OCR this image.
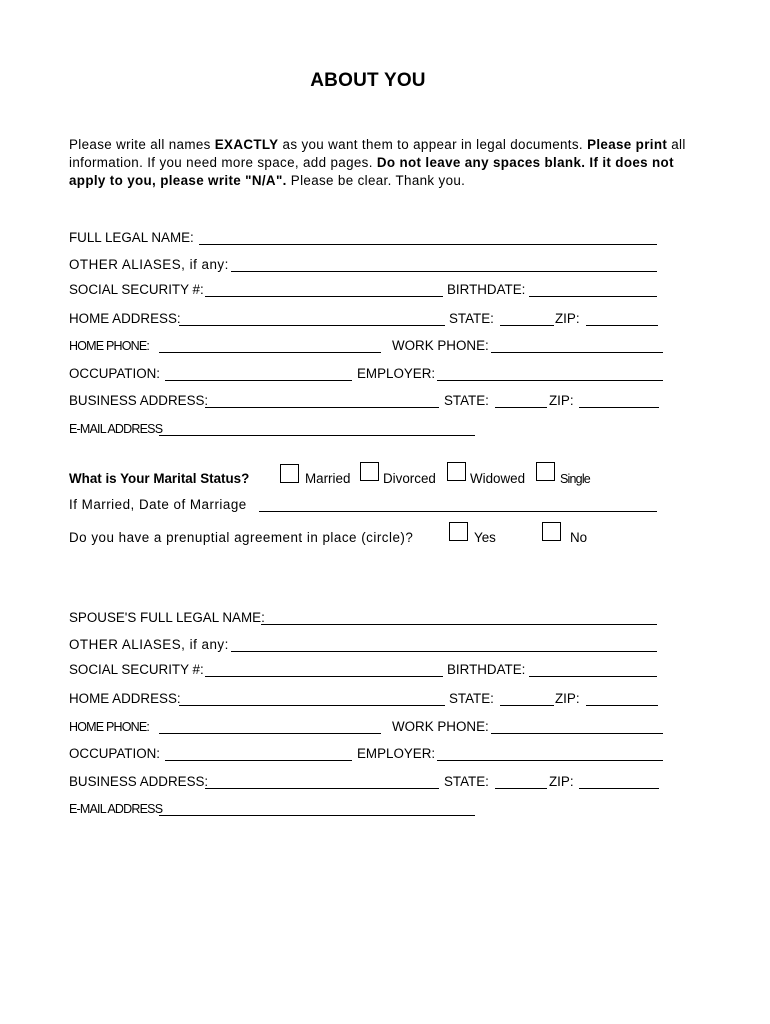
ABOUT YOU
Please write all names EXACTLY as you want them to appear in legal documents. Please print all information. If you need more space, add pages. Do not leave any spaces blank. If it does not apply to you, please write "N/A". Please be clear. Thank you.
FULL LEGAL NAME:
OTHER ALIASES, if any:
SOCIAL SECURITY #:	BIRTHDATE:
HOME ADDRESS:	STATE:	ZIP:
HOME PHONE:	WORK PHONE:
OCCUPATION:	EMPLOYER:
BUSINESS ADDRESS:	STATE:	ZIP:
E-MAIL ADDRESS
What is Your Marital Status?	Married Divorced	Widowed	Single
If Married, Date of Marriage
Do you have a prenuptial agreement in place (circle)?	Yes	No
SPOUSE'S FULL LEGAL NAME:
OTHER ALIASES, if any:
SOCIAL SECURITY #:	BIRTHDATE:
HOME ADDRESS:	STATE:	ZIP:
HOME PHONE:	WORK PHONE:
OCCUPATION:	EMPLOYER:
BUSINESS ADDRESS:	STATE:	ZIP:
E-MAIL ADDRESS
